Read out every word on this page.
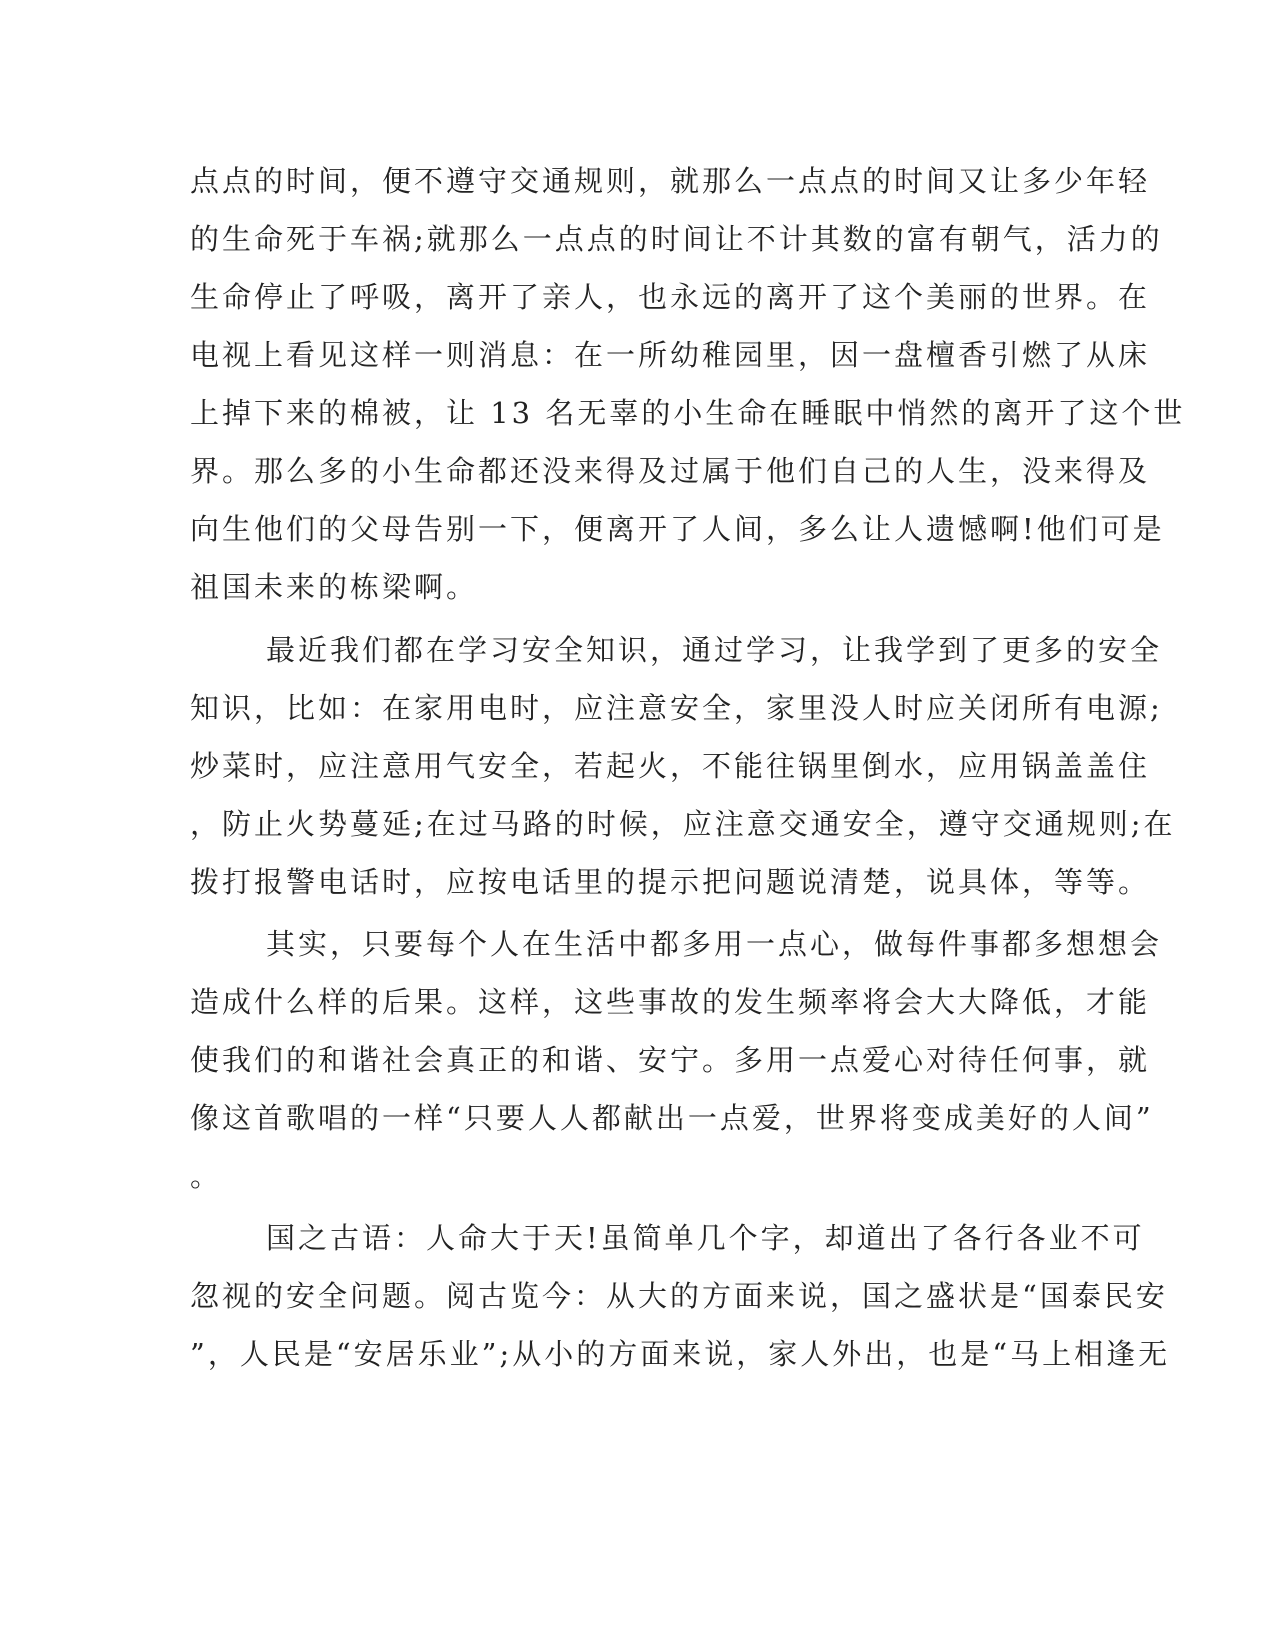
点点的时间，便不遵守交通规则，就那么一点点的时间又让多少年轻
的生命死于车祸;就那么一点点的时间让不计其数的富有朝气，活力的
生命停止了呼吸，离开了亲人，也永远的离开了这个美丽的世界。在
电视上看见这样一则消息：在一所幼稚园里，因一盘檀香引燃了从床
上掉下来的棉被，让 13 名无辜的小生命在睡眠中悄然的离开了这个世
界。那么多的小生命都还没来得及过属于他们自己的人生，没来得及
向生他们的父母告别一下，便离开了人间，多么让人遗憾啊!他们可是
祖国未来的栋梁啊。
最近我们都在学习安全知识，通过学习，让我学到了更多的安全
知识，比如：在家用电时，应注意安全，家里没人时应关闭所有电源;
炒菜时，应注意用气安全，若起火，不能往锅里倒水，应用锅盖盖住
，防止火势蔓延;在过马路的时候，应注意交通安全，遵守交通规则;在
拨打报警电话时，应按电话里的提示把问题说清楚，说具体，等等。
其实，只要每个人在生活中都多用一点心，做每件事都多想想会
造成什么样的后果。这样，这些事故的发生频率将会大大降低，才能
使我们的和谐社会真正的和谐、安宁。多用一点爱心对待任何事，就
像这首歌唱的一样“只要人人都献出一点爱，世界将变成美好的人间”
。
国之古语：人命大于天!虽简单几个字，却道出了各行各业不可
忽视的安全问题。阅古览今：从大的方面来说，国之盛状是“国泰民安
”，人民是“安居乐业”;从小的方面来说，家人外出，也是“马上相逢无
